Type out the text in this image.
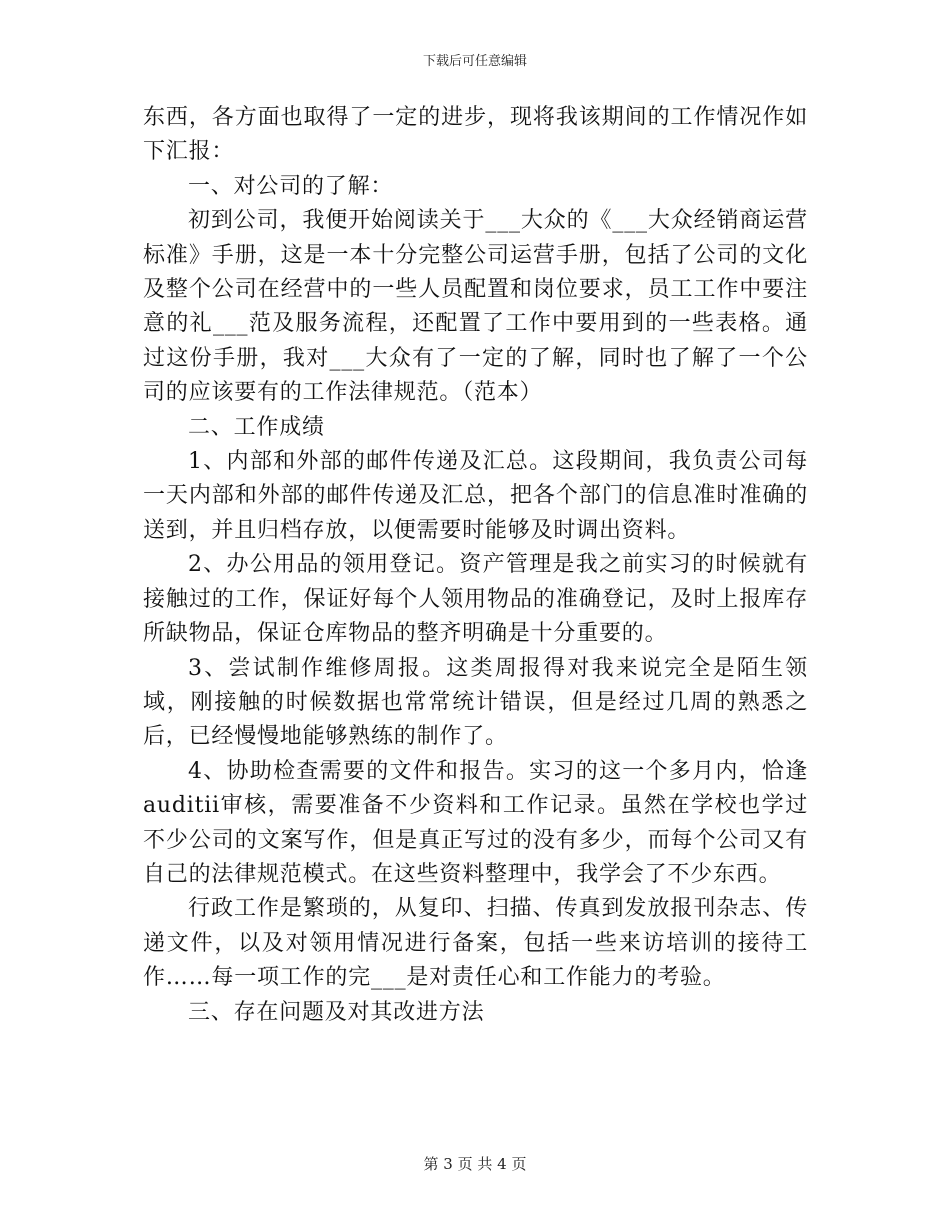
下载后可任意编辑

东西，各方面也取得了一定的进步，现将我该期间的工作情况作如下汇报：

一、对公司的了解：

初到公司，我便开始阅读关于___大众的《___大众经销商运营标准》手册，这是一本十分完整公司运营手册，包括了公司的文化及整个公司在经营中的一些人员配置和岗位要求，员工工作中要注意的礼___范及服务流程，还配置了工作中要用到的一些表格。通过这份手册，我对___大众有了一定的了解，同时也了解了一个公司的应该要有的工作法律规范。（范本）

二、工作成绩

1、内部和外部的邮件传递及汇总。这段期间，我负责公司每一天内部和外部的邮件传递及汇总，把各个部门的信息准时准确的送到，并且归档存放，以便需要时能够及时调出资料。

2、办公用品的领用登记。资产管理是我之前实习的时候就有接触过的工作，保证好每个人领用物品的准确登记，及时上报库存所缺物品，保证仓库物品的整齐明确是十分重要的。

3、尝试制作维修周报。这类周报得对我来说完全是陌生领域，刚接触的时候数据也常常统计错误，但是经过几周的熟悉之后，已经慢慢地能够熟练的制作了。

4、协助检查需要的文件和报告。实习的这一个多月内，恰逢auditii审核，需要准备不少资料和工作记录。虽然在学校也学过不少公司的文案写作，但是真正写过的没有多少，而每个公司又有自己的法律规范模式。在这些资料整理中，我学会了不少东西。

行政工作是繁琐的，从复印、扫描、传真到发放报刊杂志、传递文件，以及对领用情况进行备案，包括一些来访培训的接待工作……每一项工作的完___是对责任心和工作能力的考验。

三、存在问题及对其改进方法

第 3 页 共 4 页
